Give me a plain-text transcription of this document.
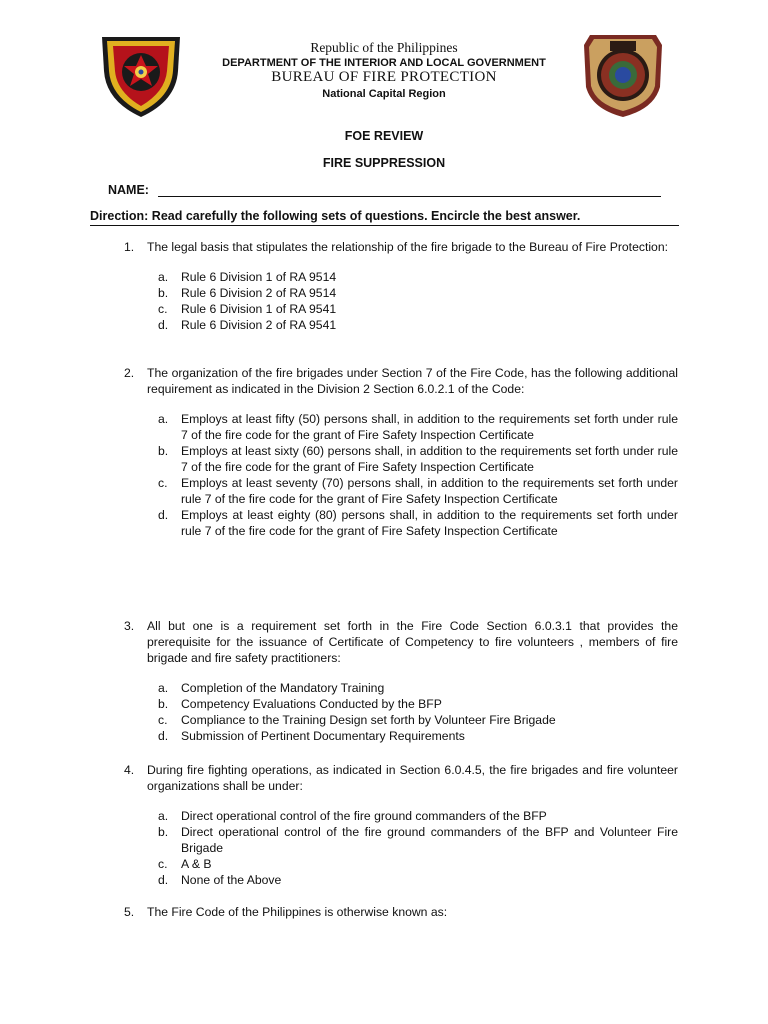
Republic of the Philippines
DEPARTMENT OF THE INTERIOR AND LOCAL GOVERNMENT
BUREAU OF FIRE PROTECTION
National Capital Region
FOE REVIEW
FIRE SUPPRESSION
NAME:
Direction: Read carefully the following sets of questions. Encircle the best answer.
1.	The legal basis that stipulates the relationship of the fire brigade to the Bureau of Fire Protection:
a. Rule 6 Division 1 of RA 9514
b. Rule 6 Division 2 of RA 9514
c. Rule 6 Division 1 of RA 9541
d. Rule 6 Division 2 of RA 9541
2.	The organization of the fire brigades under Section 7 of the Fire Code, has the following additional requirement as indicated in the Division 2 Section 6.0.2.1 of the Code:
a. Employs at least fifty (50) persons shall, in addition to the requirements set forth under rule 7 of the fire code for the grant of Fire Safety Inspection Certificate
b. Employs at least sixty (60) persons shall, in addition to the requirements set forth under rule 7 of the fire code for the grant of Fire Safety Inspection Certificate
c. Employs at least seventy (70) persons shall, in addition to the requirements set forth under rule 7 of the fire code for the grant of Fire Safety Inspection Certificate
d. Employs at least eighty (80) persons shall, in addition to the requirements set forth under rule 7 of the fire code for the grant of Fire Safety Inspection Certificate
3.	All but one is a requirement set forth in the Fire Code Section 6.0.3.1 that provides the prerequisite for the issuance of Certificate of Competency to fire volunteers , members of fire brigade and fire safety practitioners:
a. Completion of the Mandatory Training
b. Competency Evaluations Conducted by the BFP
c. Compliance to the Training Design set forth by Volunteer Fire Brigade
d. Submission of Pertinent Documentary Requirements
4.	During fire fighting operations, as indicated in Section 6.0.4.5, the fire brigades and fire volunteer organizations shall be under:
a. Direct operational control of the fire ground commanders of the BFP
b. Direct operational control of the fire ground commanders of the BFP and Volunteer Fire Brigade
c. A & B
d. None of the Above
5.	The Fire Code of the Philippines is otherwise known as:
